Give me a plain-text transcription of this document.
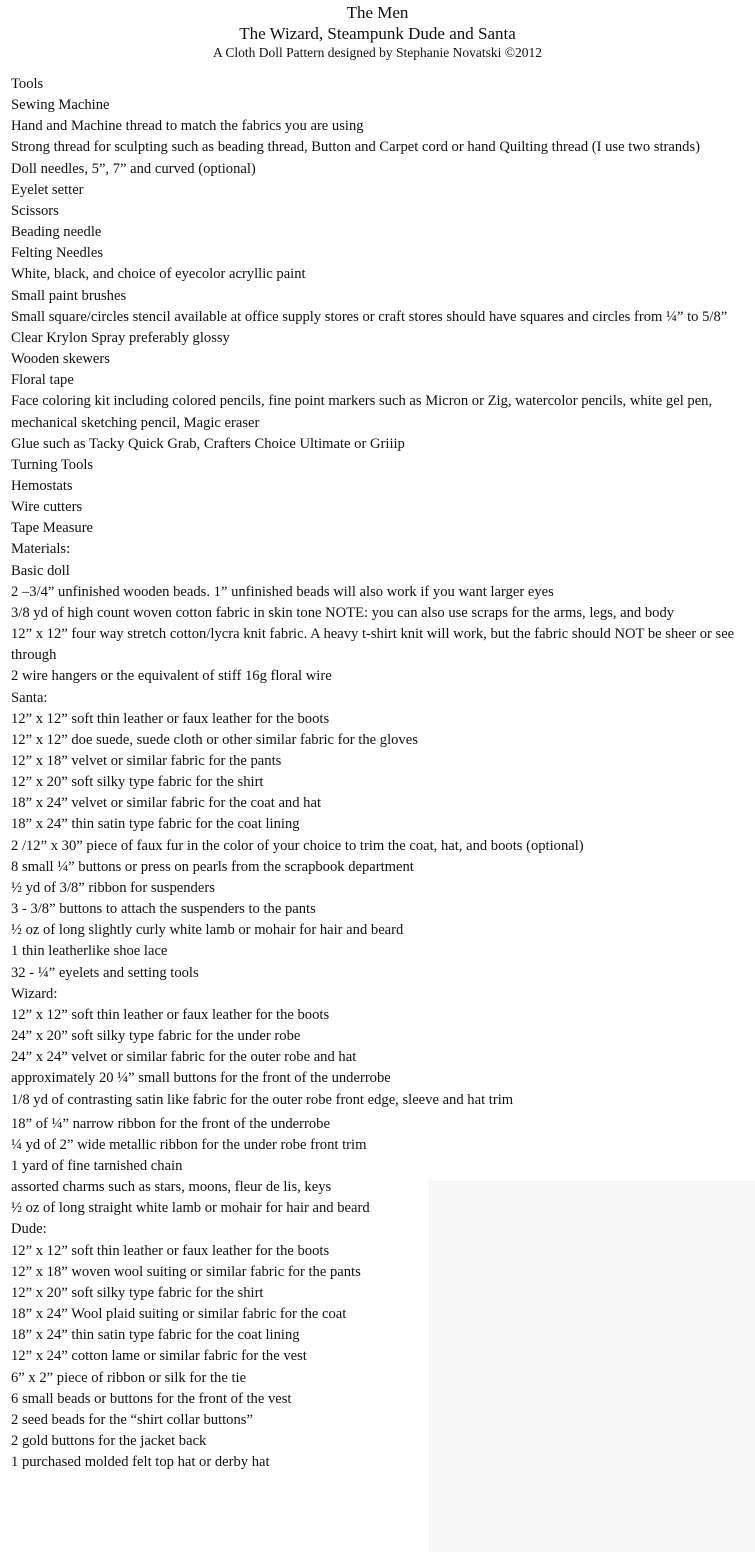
The Men

The Wizard, Steampunk Dude and Santa

A Cloth Doll Pattern designed by Stephanie Novatski ©2012

Tools
Sewing Machine
Hand and Machine thread to match the fabrics you are using
Strong thread for sculpting such as beading thread, Button and Carpet cord or hand Quilting thread (I use two strands)
Doll needles, 5”, 7” and curved (optional)
Eyelet setter
Scissors
Beading needle
Felting Needles
White, black, and choice of eyecolor acryllic paint
Small paint brushes
Small square/circles stencil available at office supply stores or craft stores should have squares and circles from ¼” to 5/8”
Clear Krylon Spray preferably glossy
Wooden skewers
Floral tape
Face coloring kit including colored pencils, fine point markers such as Micron or Zig, watercolor pencils, white gel pen, mechanical sketching pencil, Magic eraser
Glue such as Tacky Quick Grab, Crafters Choice Ultimate or Griiip
Turning Tools
Hemostats
Wire cutters
Tape Measure
Materials:
Basic doll
2 –3/4” unfinished wooden beads. 1” unfinished beads will also work if you want larger eyes
3/8 yd of high count woven cotton fabric in skin tone NOTE: you can also use scraps for the arms, legs, and body
12” x 12” four way stretch cotton/lycra knit fabric. A heavy t-shirt knit will work, but the fabric should NOT be sheer or see through
2 wire hangers or the equivalent of stiff 16g floral wire
Santa:
12” x 12” soft thin leather or faux leather for the boots
12” x 12” doe suede, suede cloth or other similar fabric for the gloves
12” x 18” velvet or similar fabric for the pants
12” x 20” soft silky type fabric for the shirt
18” x 24” velvet or similar fabric for the coat and hat
18” x 24” thin satin type fabric for the coat lining
2 /12” x 30” piece of faux fur in the color of your choice to trim the coat, hat, and boots (optional)
8 small ¼” buttons or press on pearls from the scrapbook department
½ yd of 3/8” ribbon for suspenders
3 - 3/8” buttons to attach the suspenders to the pants
½ oz of long slightly curly white lamb or mohair for hair and beard
1 thin leatherlike shoe lace
32 - ¼” eyelets and setting tools
Wizard:
12” x 12” soft thin leather or faux leather for the boots
24” x 20” soft silky type fabric for the under robe
24” x 24” velvet or similar fabric for the outer robe and hat
approximately 20 ¼” small buttons for the front of the underrobe
1/8 yd of contrasting satin like fabric for the outer robe front edge, sleeve and hat trim
18” of ¼” narrow ribbon for the front of the underrobe
¼ yd of 2” wide metallic ribbon for the under robe front trim
1 yard of fine tarnished chain
assorted charms such as stars, moons, fleur de lis, keys
½ oz of long straight white lamb or mohair for hair and beard
Dude:
12” x 12” soft thin leather or faux leather for the boots
12” x 18” woven wool suiting or similar fabric for the pants
12” x 20” soft silky type fabric for the shirt
18” x 24” Wool plaid suiting or similar fabric for the coat
18” x 24” thin satin type fabric for the coat lining
12” x 24” cotton lame or similar fabric for the vest
6” x 2” piece of ribbon or silk for the tie
6 small beads or buttons for the front of the vest
2 seed beads for the “shirt collar buttons”
2 gold buttons for the jacket back
1 purchased molded felt top hat or derby hat
